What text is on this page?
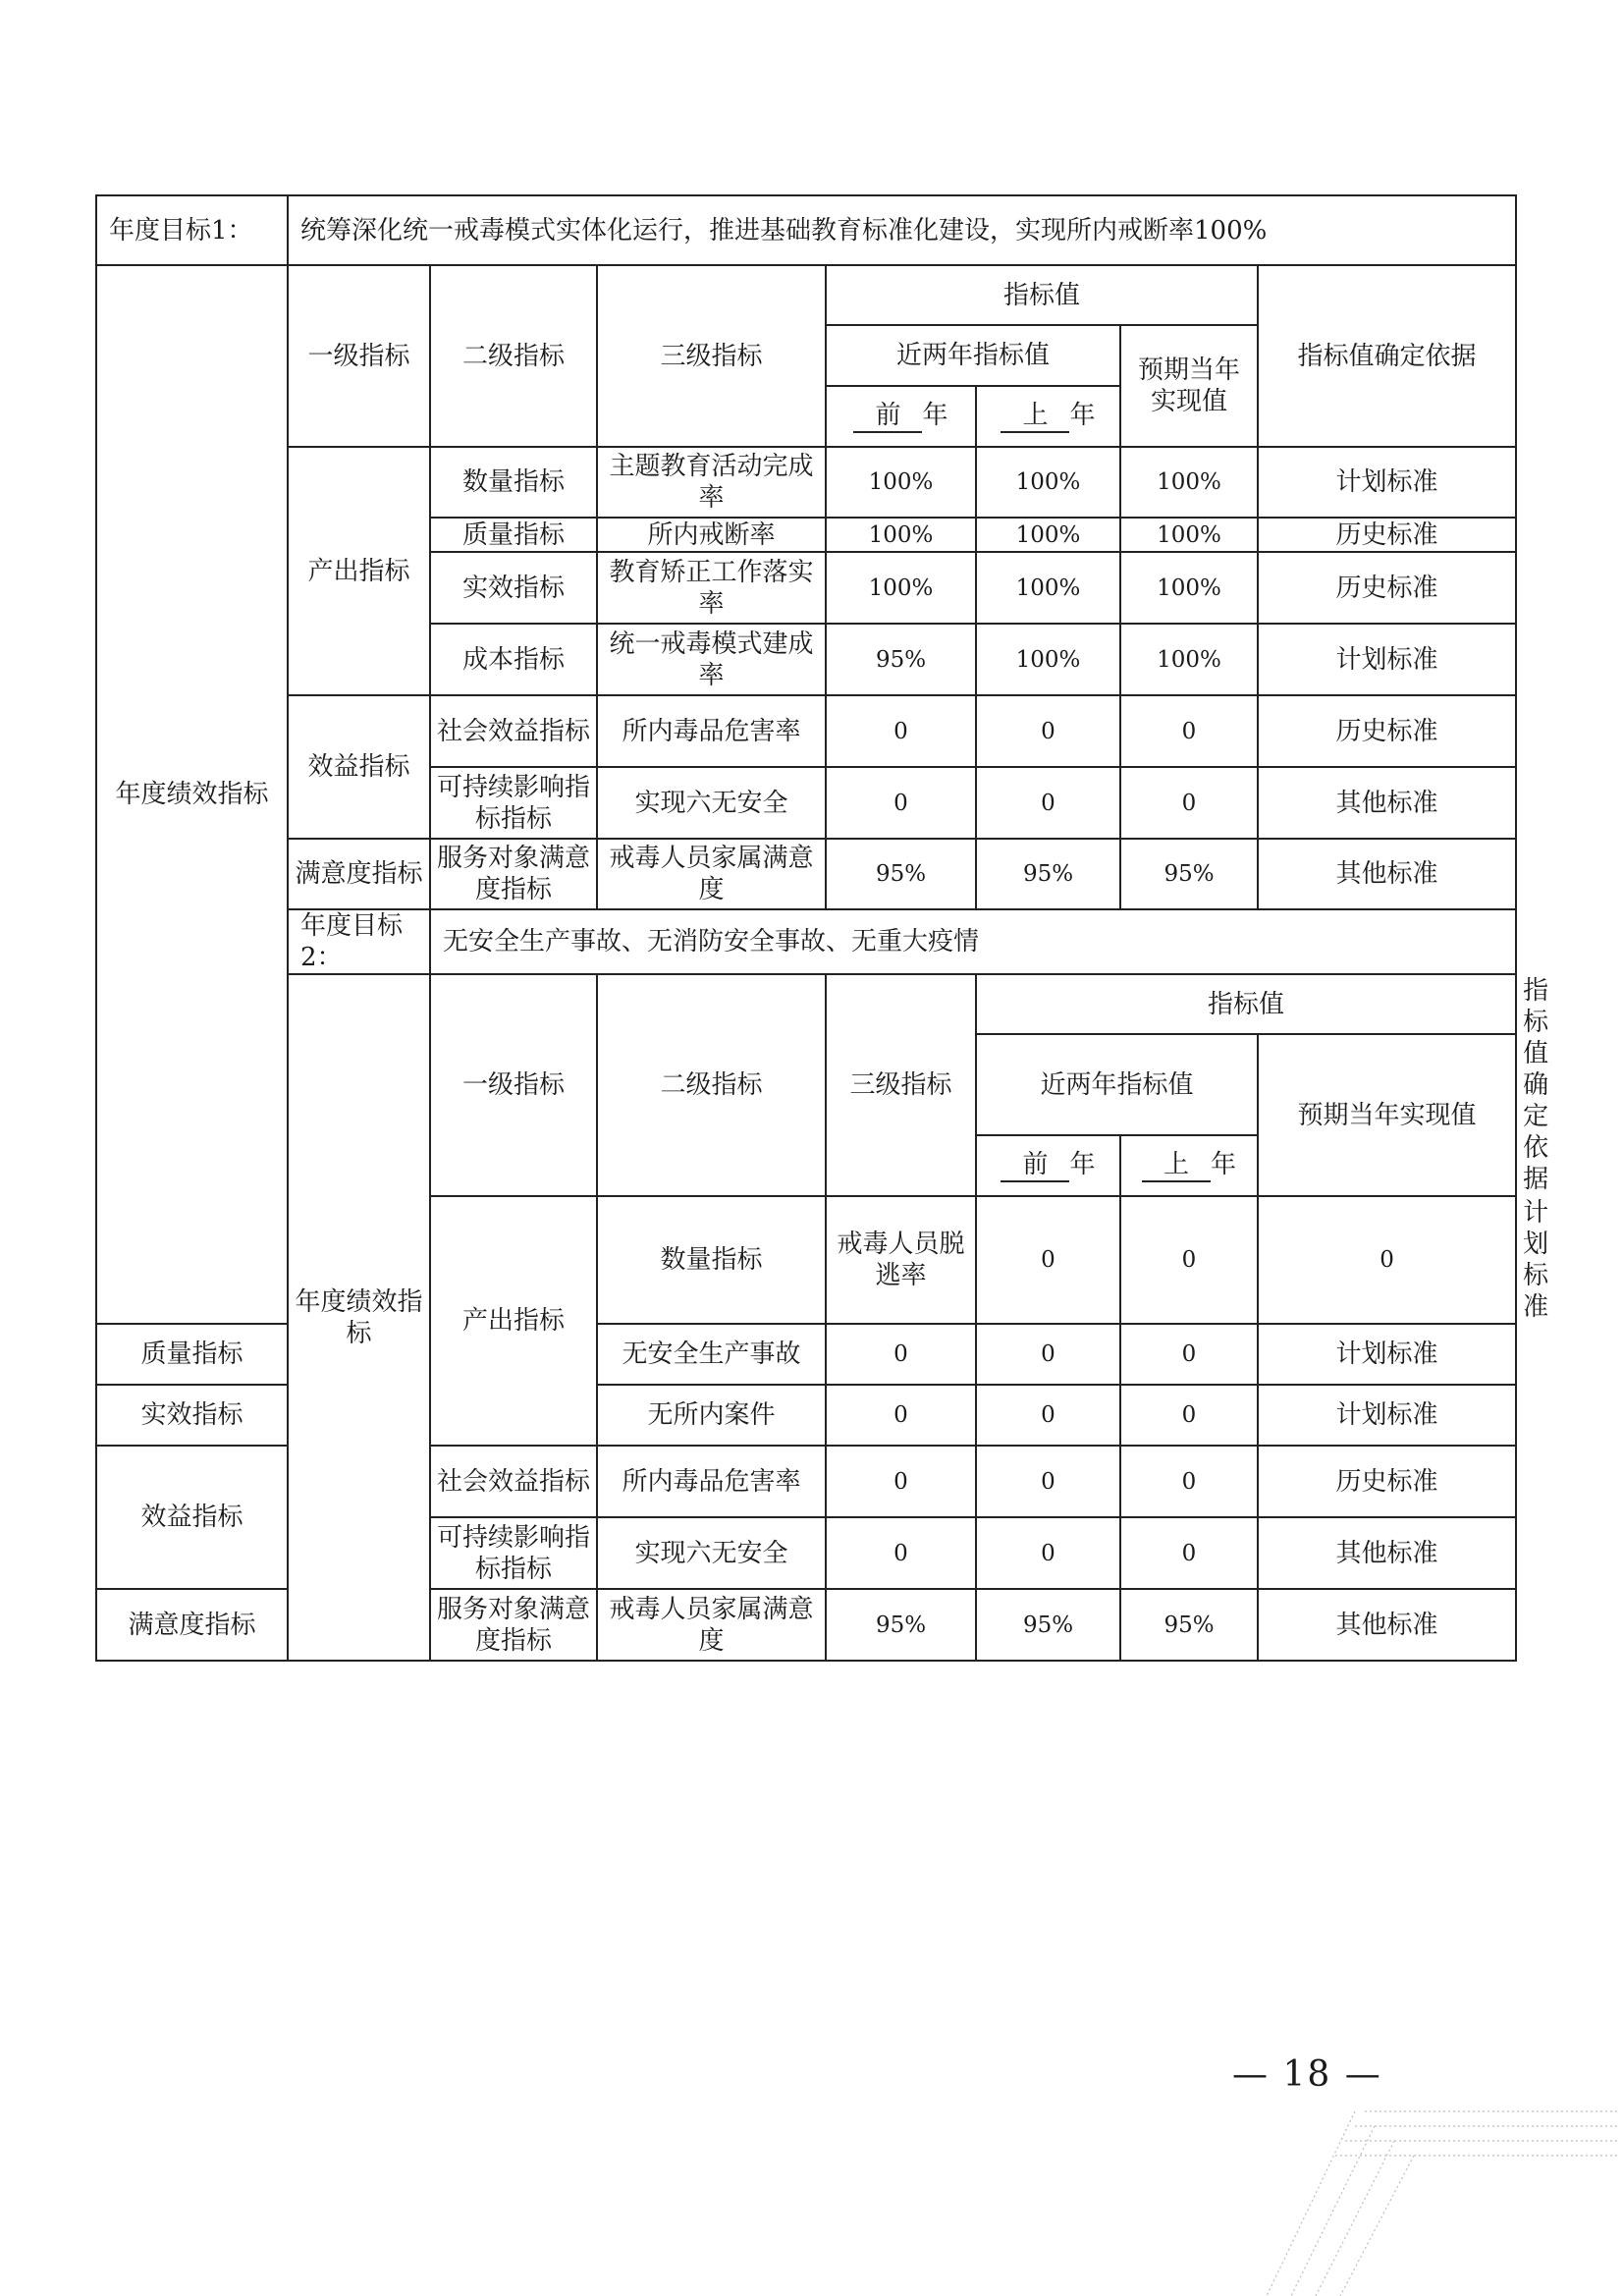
年度目标1：	统筹深化统一戒毒模式实体化运行，推进基础教育标准化建设，实现所内戒断率100%							
年度绩效指标	一级指标	二级指标	三级指标	指标值			指标值确定依据	
				近两年指标值		预期当年实现值		
				前 年	上 年			
	产出指标	数量指标	主题教育活动完成率	100%	100%	100%	计划标准	
		质量指标	所内戒断率	100%	100%	100%	历史标准	
		实效指标	教育矫正工作落实率	100%	100%	100%	历史标准	
		成本指标	统一戒毒模式建成率	95%	100%	100%	计划标准	
	效益指标	社会效益指标	所内毒品危害率	0	0	0	历史标准	
		可持续影响指标指标	实现六无安全	0	0	0	其他标准	
	满意度指标	服务对象满意度指标	戒毒人员家属满意度	95%	95%	95%	其他标准	
	年度目标2：	无安全生产事故、无消防安全事故、无重大疫情						
	年度绩效指标	一级指标	二级指标	三级指标	指标值			指标值确定依据
					近两年指标值		预期当年实现值	
					前 年	上 年		
		产出指标	数量指标	戒毒人员脱逃率	0	0	0	计划标准
质量指标			无安全生产事故	0	0	0	计划标准	
实效指标			无所内案件	0	0	0	计划标准	
效益指标		社会效益指标	所内毒品危害率	0	0	0	历史标准	
		可持续影响指标指标	实现六无安全	0	0	0	其他标准	
满意度指标		服务对象满意度指标	戒毒人员家属满意度	95%	95%	95%	其他标准	
— 18 —
